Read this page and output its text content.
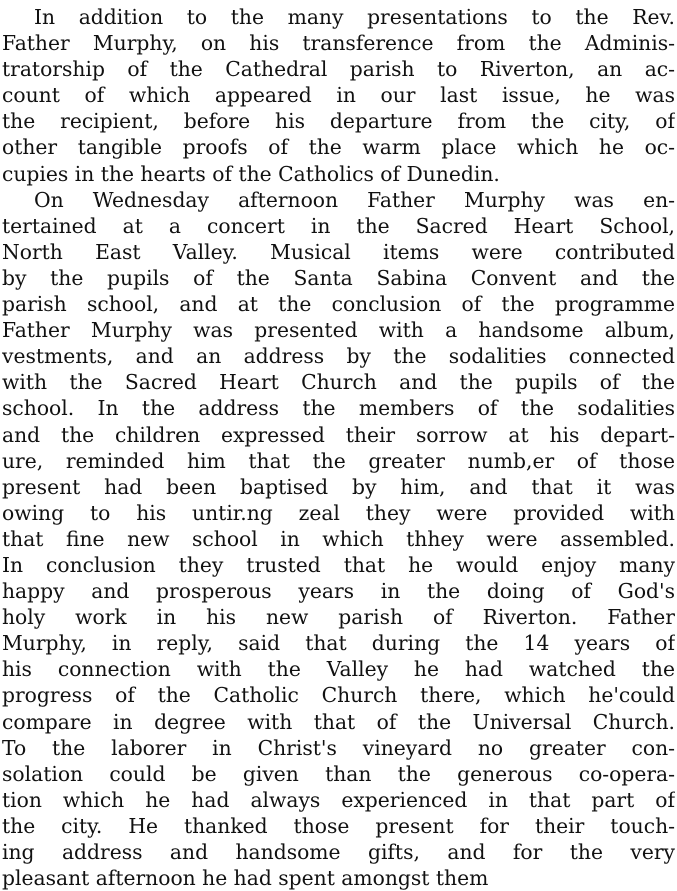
In addition to the many presentations to the Rev.
Father Murphy, on his transference from the Adminis-
tratorship of the Cathedral parish to Riverton, an ac-
count of which appeared in our last issue, he was
the recipient, before his departure from the city, of
other tangible proofs of the warm place which he oc-
cupies in the hearts of the Catholics of Dunedin.
On Wednesday afternoon Father Murphy was en-
tertained at a concert in the Sacred Heart School,
North East Valley. Musical items were contributed
by the pupils of the Santa Sabina Convent and the
parish school, and at the conclusion of the programme
Father Murphy was presented with a handsome album,
vestments, and an address by the sodalities connected
with the Sacred Heart Church and the pupils of the
school. In the address the members of the sodalities
and the children expressed their sorrow at his depart-
ure, reminded him that the greater numb,er of those
present had been baptised by him, and that it was
owing to his untir.ng zeal they were provided with
that fine new school in which thhey were assembled.
In conclusion they trusted that he would enjoy many
happy and prosperous years in the doing of God's
holy work in his new parish of Riverton. Father
Murphy, in reply, said that during the 14 years of
his connection with the Valley he had watched the
progress of the Catholic Church there, which he'could
compare in degree with that of the Universal Church.
To the laborer in Christ's vineyard no greater con-
solation could be given than the generous co-opera-
tion which he had always experienced in that part of
the city. He thanked those present for their touch-
ing address and handsome gifts, and for the very
pleasant afternoon he had spent amongst them
